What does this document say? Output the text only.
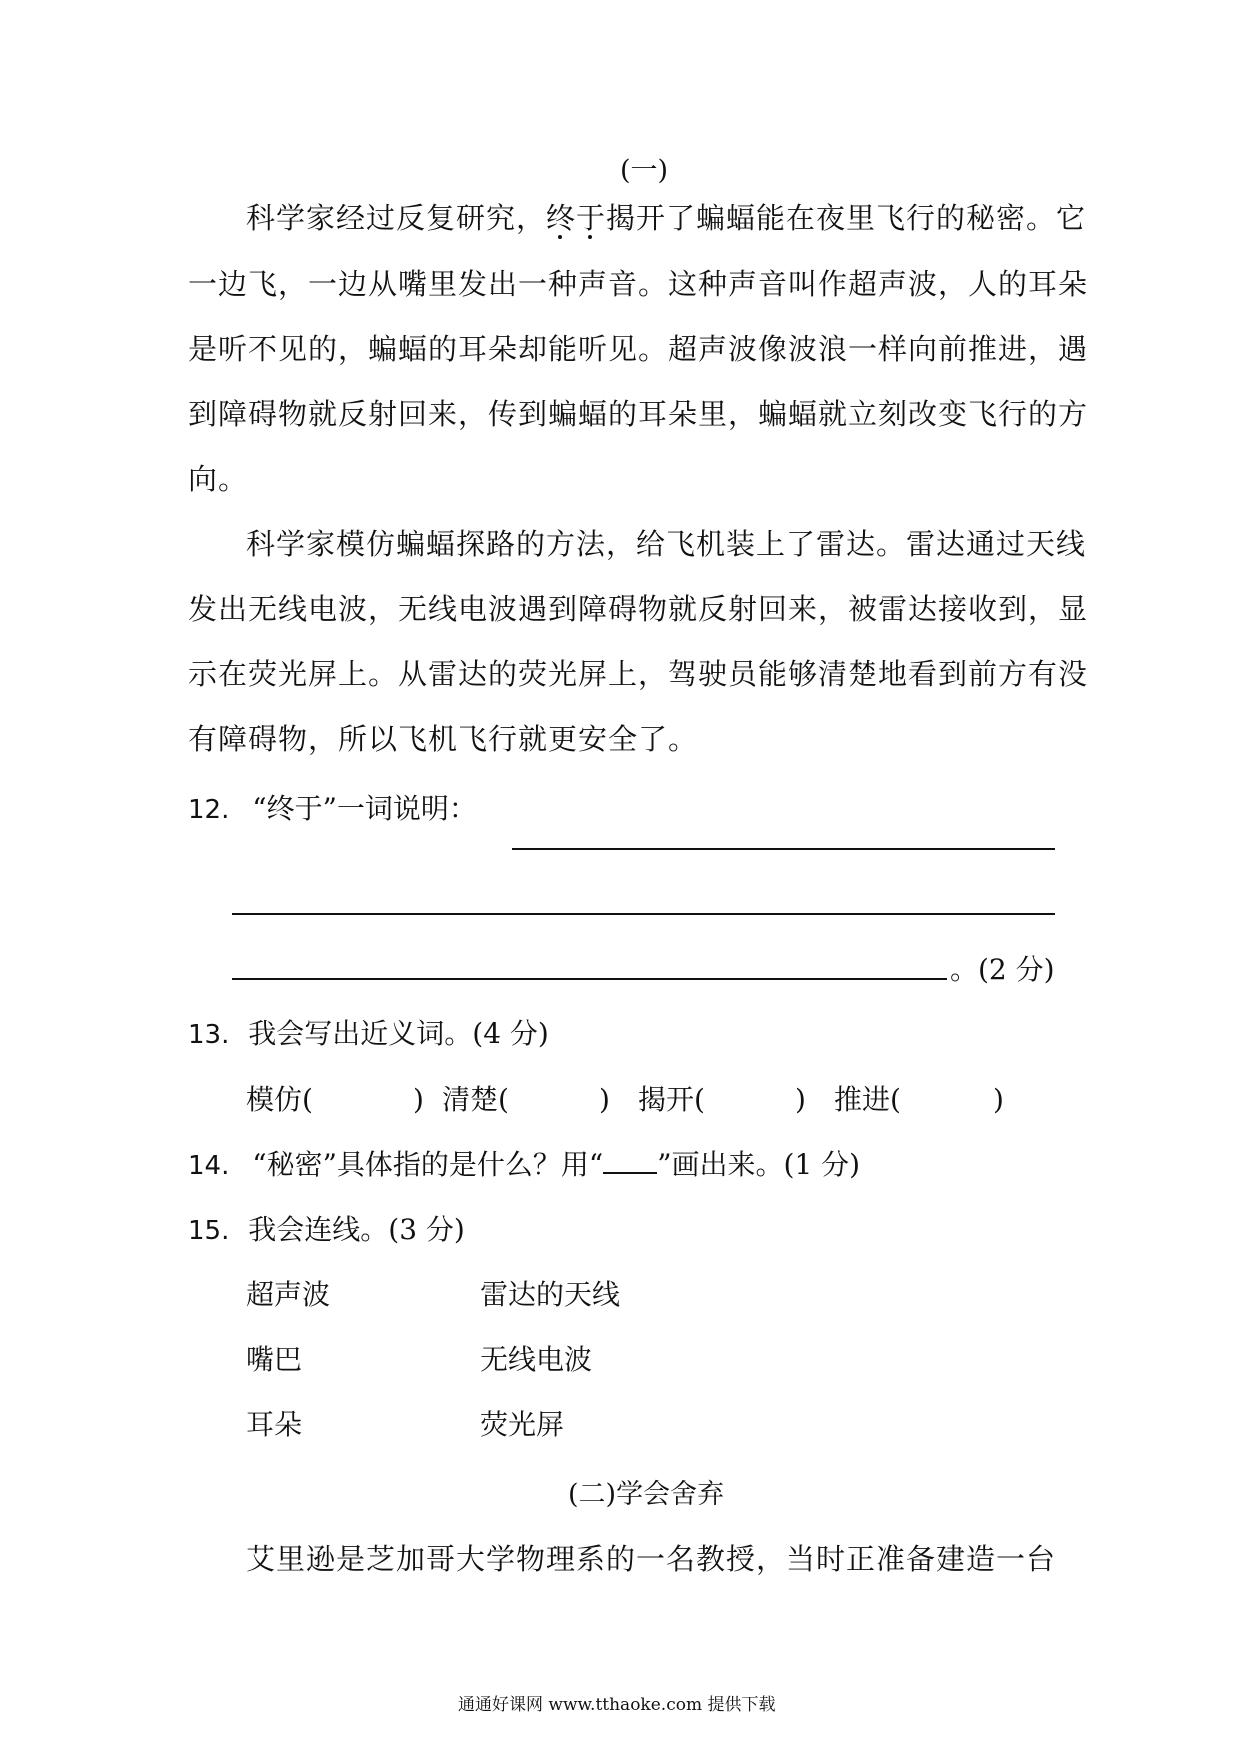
(一)
科学家经过反复研究，终于
揭开了蝙蝠能在夜里飞行的秘密。它
一边飞，一边从嘴里发出一种声音。这种声音叫作超声波，人的耳朵
是听不见的，蝙蝠的耳朵却能听见。超声波像波浪一样向前推进，遇
到障碍物就反射回来，传到蝙蝠的耳朵里，蝙蝠就立刻改变飞行的方
向。
科学家模仿蝙蝠探路的方法，给飞机装上了雷达。雷达通过天线
发出无线电波，无线电波遇到障碍物就反射回来，被雷达接收到，显
示在荧光屏上。从雷达的荧光屏上，驾驶员能够清楚地看到前方有没
有障碍物，所以飞机飞行就更安全了。
12. “终于”一词说明：
。(2 分)
13. 我会写出近义词。(4 分)
模仿(	) 清楚(	) 揭开(	) 推进(	)
14. “秘密”具体指的是什么？用“ ”画出来。(1 分)
15. 我会连线。(3 分)
超声波	雷达的天线
嘴巴	无线电波
耳朵	荧光屏
(二)学会舍弃
艾里逊是芝加哥大学物理系的一名教授，当时正准备建造一台
通通好课网 www.tthaoke.com 提供下载
